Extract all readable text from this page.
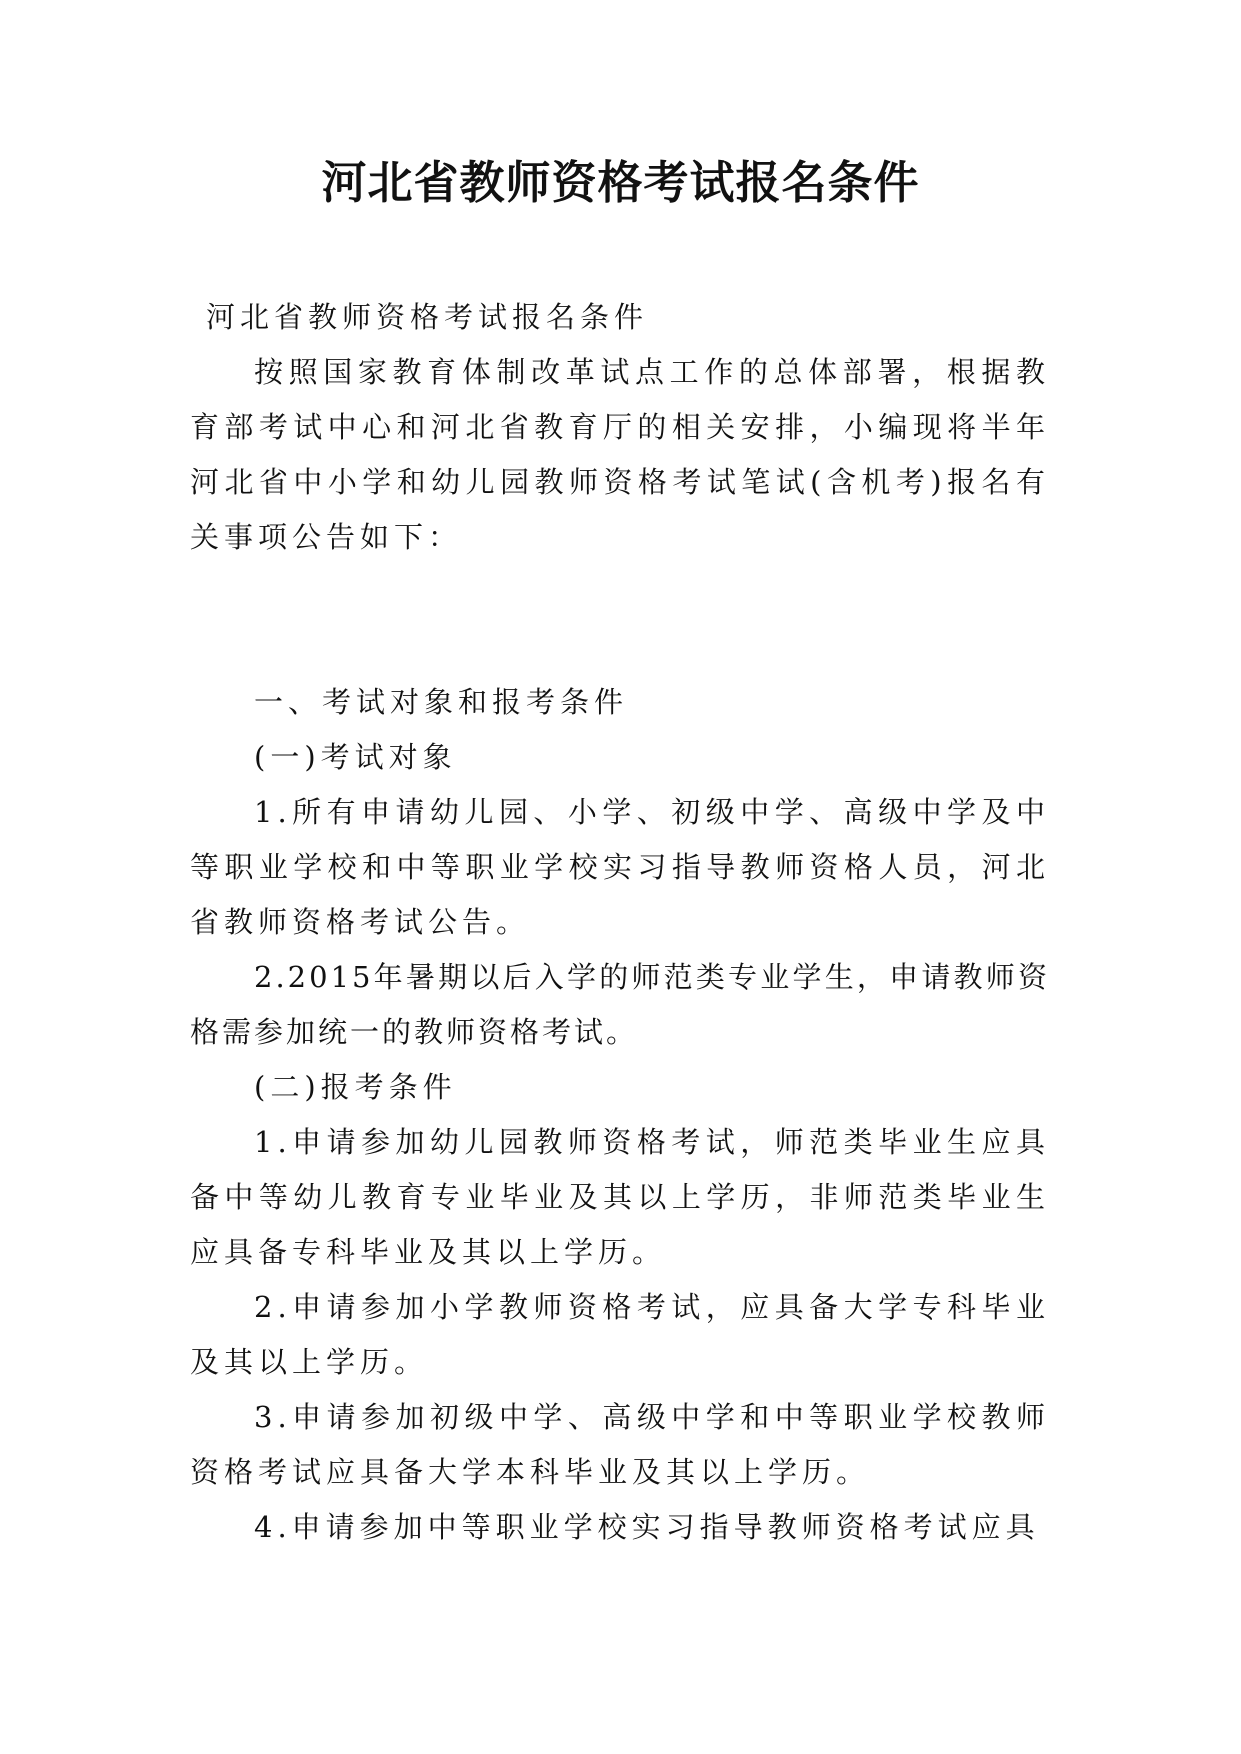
河北省教师资格考试报名条件

河北省教师资格考试报名条件

按照国家教育体制改革试点工作的总体部署，根据教育部考试中心和河北省教育厅的相关安排，小编现将半年河北省中小学和幼儿园教师资格考试笔试(含机考)报名有关事项公告如下：

一、考试对象和报考条件

(一)考试对象

1.所有申请幼儿园、小学、初级中学、高级中学及中等职业学校和中等职业学校实习指导教师资格人员，河北省教师资格考试公告。

2.2015年暑期以后入学的师范类专业学生，申请教师资格需参加统一的教师资格考试。

(二)报考条件

1.申请参加幼儿园教师资格考试，师范类毕业生应具备中等幼儿教育专业毕业及其以上学历，非师范类毕业生应具备专科毕业及其以上学历。

2.申请参加小学教师资格考试，应具备大学专科毕业及其以上学历。

3.申请参加初级中学、高级中学和中等职业学校教师资格考试应具备大学本科毕业及其以上学历。

4.申请参加中等职业学校实习指导教师资格考试应具
